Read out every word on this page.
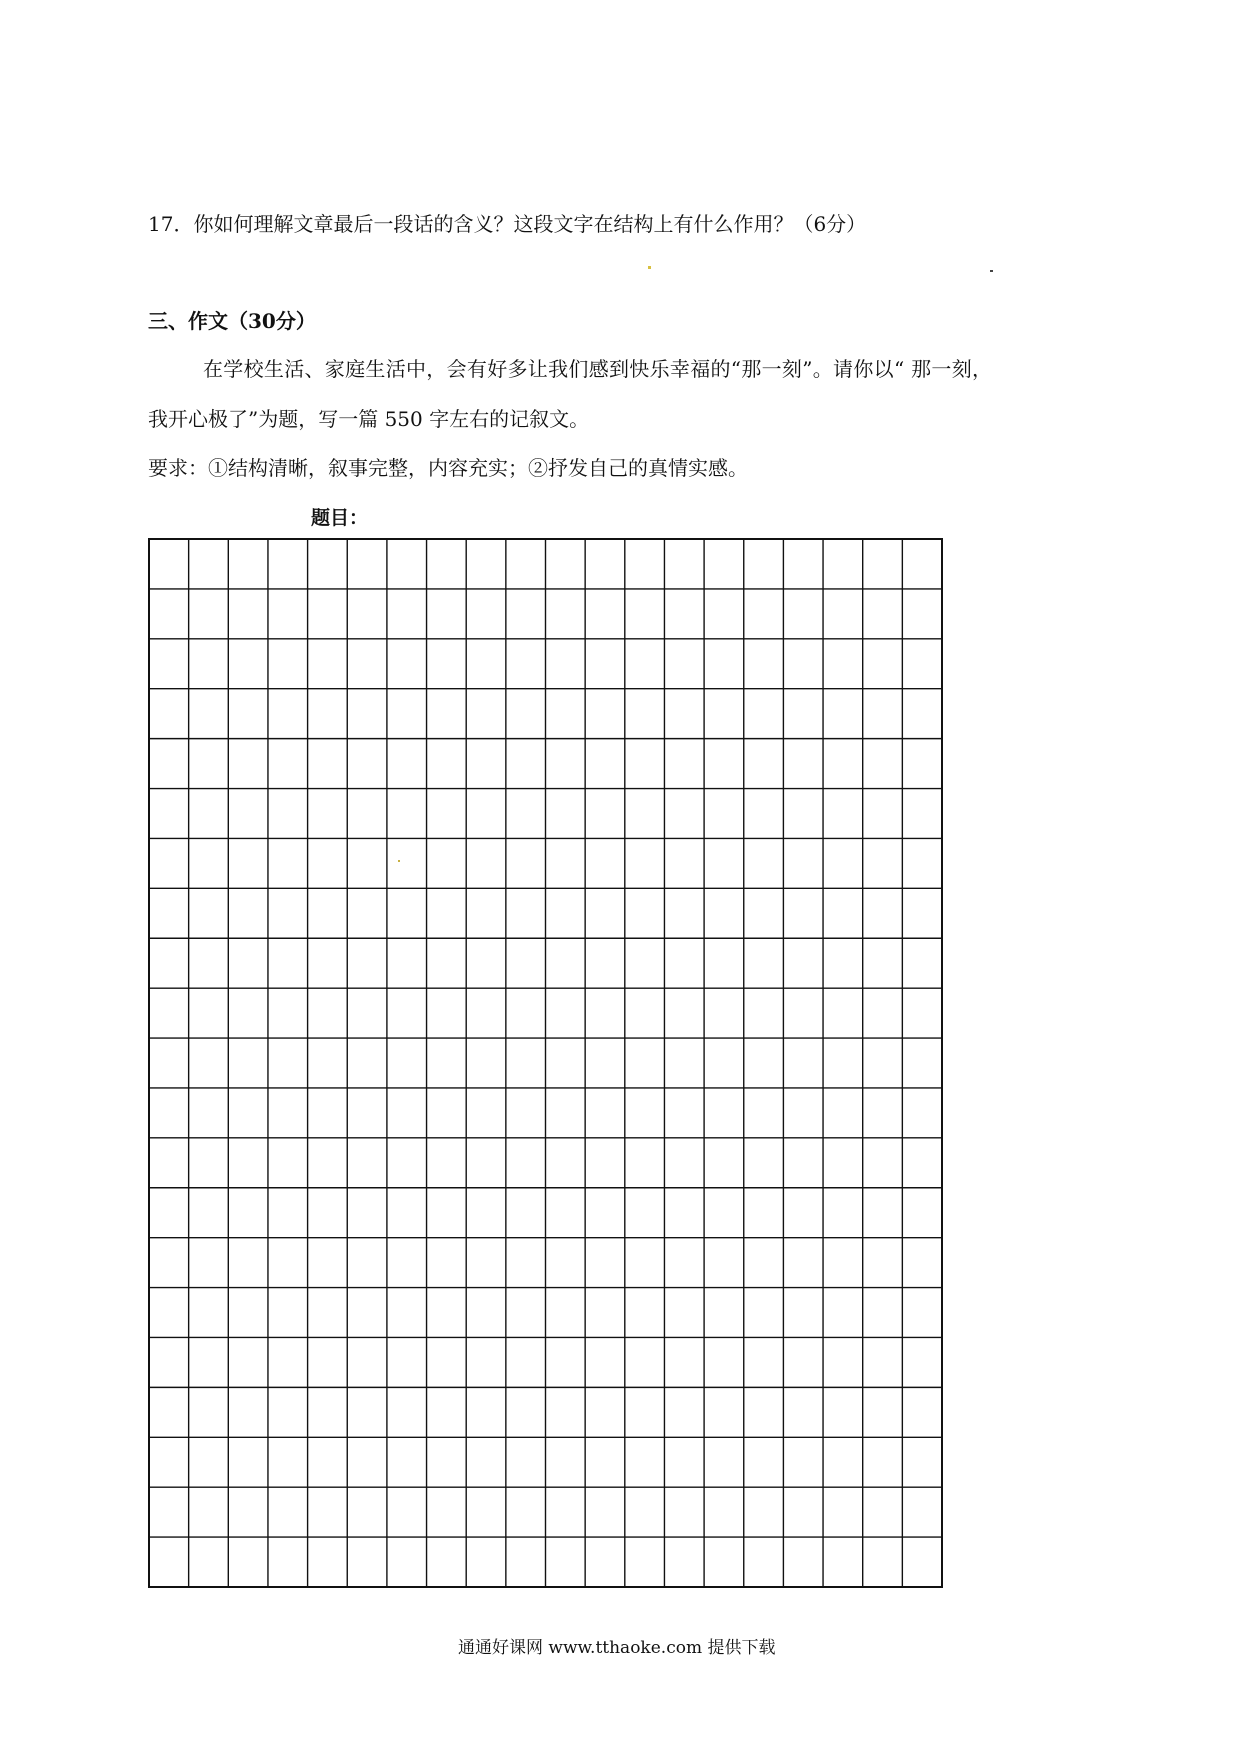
17．你如何理解文章最后一段话的含义？这段文字在结构上有什么作用？（6分）
三、作文（30分）
在学校生活、家庭生活中，会有好多让我们感到快乐幸福的“那一刻”。请你以“ 那一刻，
我开心极了”为题，写一篇 550 字左右的记叙文。
要求：①结构清晰，叙事完整，内容充实；②抒发自己的真情实感。
题目：
通通好课网 www.tthaoke.com 提供下载
